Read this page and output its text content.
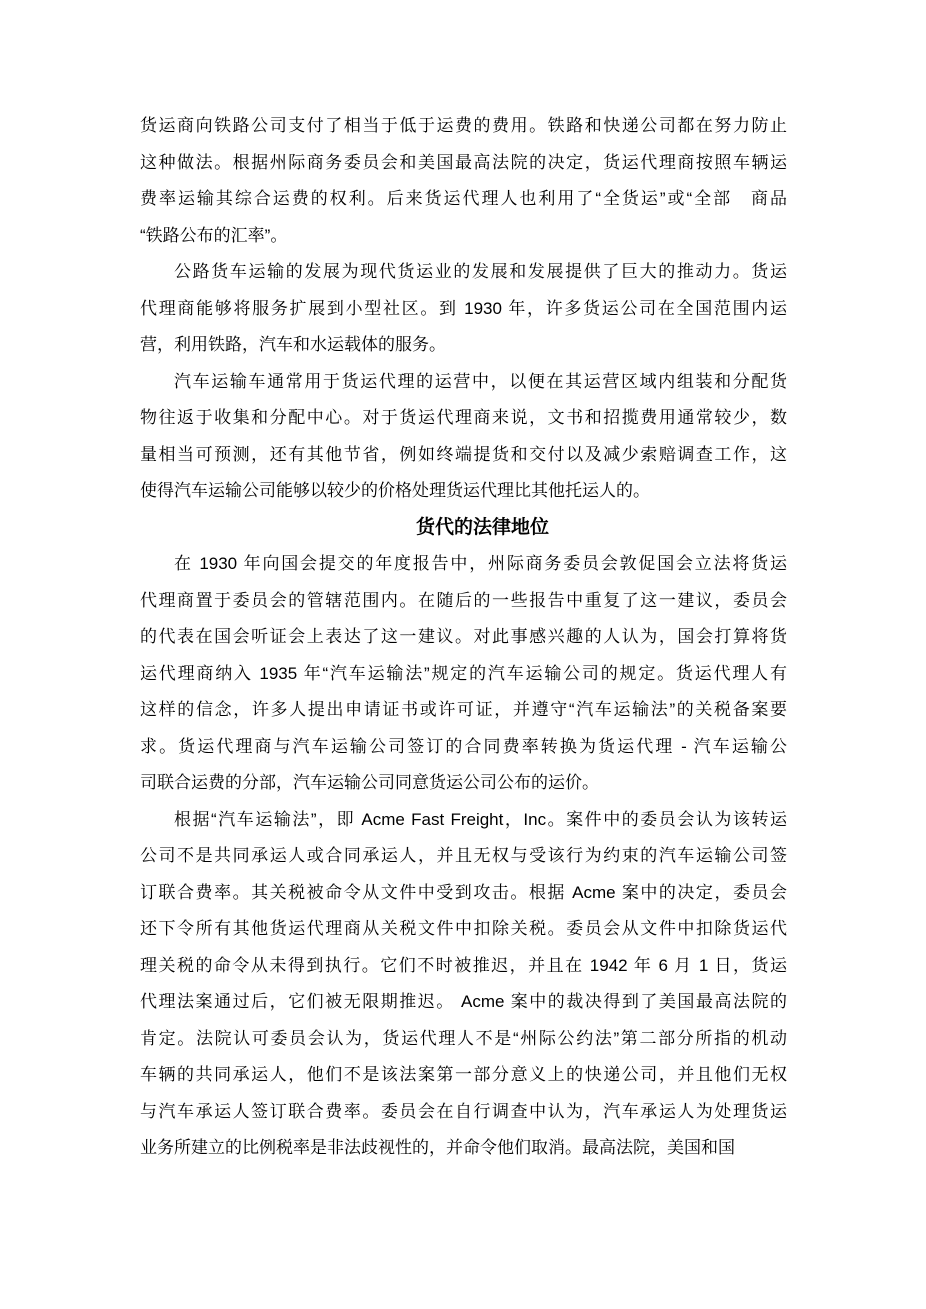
货运商向铁路公司支付了相当于低于运费的费用。铁路和快递公司都在努力防止
这种做法。根据州际商务委员会和美国最高法院的决定，货运代理商按照车辆运
费率运输其综合运费的权利。后来货运代理人也利用了“全货运”或“全部　商品
“铁路公布的汇率”。
公路货车运输的发展为现代货运业的发展和发展提供了巨大的推动力。货运
代理商能够将服务扩展到小型社区。到 1930 年，许多货运公司在全国范围内运
营，利用铁路，汽车和水运载体的服务。
汽车运输车通常用于货运代理的运营中，以便在其运营区域内组装和分配货
物往返于收集和分配中心。对于货运代理商来说，文书和招揽费用通常较少，数
量相当可预测，还有其他节省，例如终端提货和交付以及减少索赔调查工作，这
使得汽车运输公司能够以较少的价格处理货运代理比其他托运人的。
货代的法律地位
在 1930 年向国会提交的年度报告中，州际商务委员会敦促国会立法将货运
代理商置于委员会的管辖范围内。在随后的一些报告中重复了这一建议，委员会
的代表在国会听证会上表达了这一建议。对此事感兴趣的人认为，国会打算将货
运代理商纳入 1935 年“汽车运输法”规定的汽车运输公司的规定。货运代理人有
这样的信念，许多人提出申请证书或许可证，并遵守“汽车运输法”的关税备案要
求。货运代理商与汽车运输公司签订的合同费率转换为货运代理 - 汽车运输公
司联合运费的分部，汽车运输公司同意货运公司公布的运价。
根据“汽车运输法”，即 Acme Fast Freight，Inc。案件中的委员会认为该转运
公司不是共同承运人或合同承运人，并且无权与受该行为约束的汽车运输公司签
订联合费率。其关税被命令从文件中受到攻击。根据 Acme 案中的决定，委员会
还下令所有其他货运代理商从关税文件中扣除关税。委员会从文件中扣除货运代
理关税的命令从未得到执行。它们不时被推迟，并且在 1942 年 6 月 1 日，货运
代理法案通过后，它们被无限期推迟。 Acme 案中的裁决得到了美国最高法院的
肯定。法院认可委员会认为，货运代理人不是“州际公约法”第二部分所指的机动
车辆的共同承运人，他们不是该法案第一部分意义上的快递公司，并且他们无权
与汽车承运人签订联合费率。委员会在自行调查中认为，汽车承运人为处理货运
业务所建立的比例税率是非法歧视性的，并命令他们取消。最高法院，美国和国
